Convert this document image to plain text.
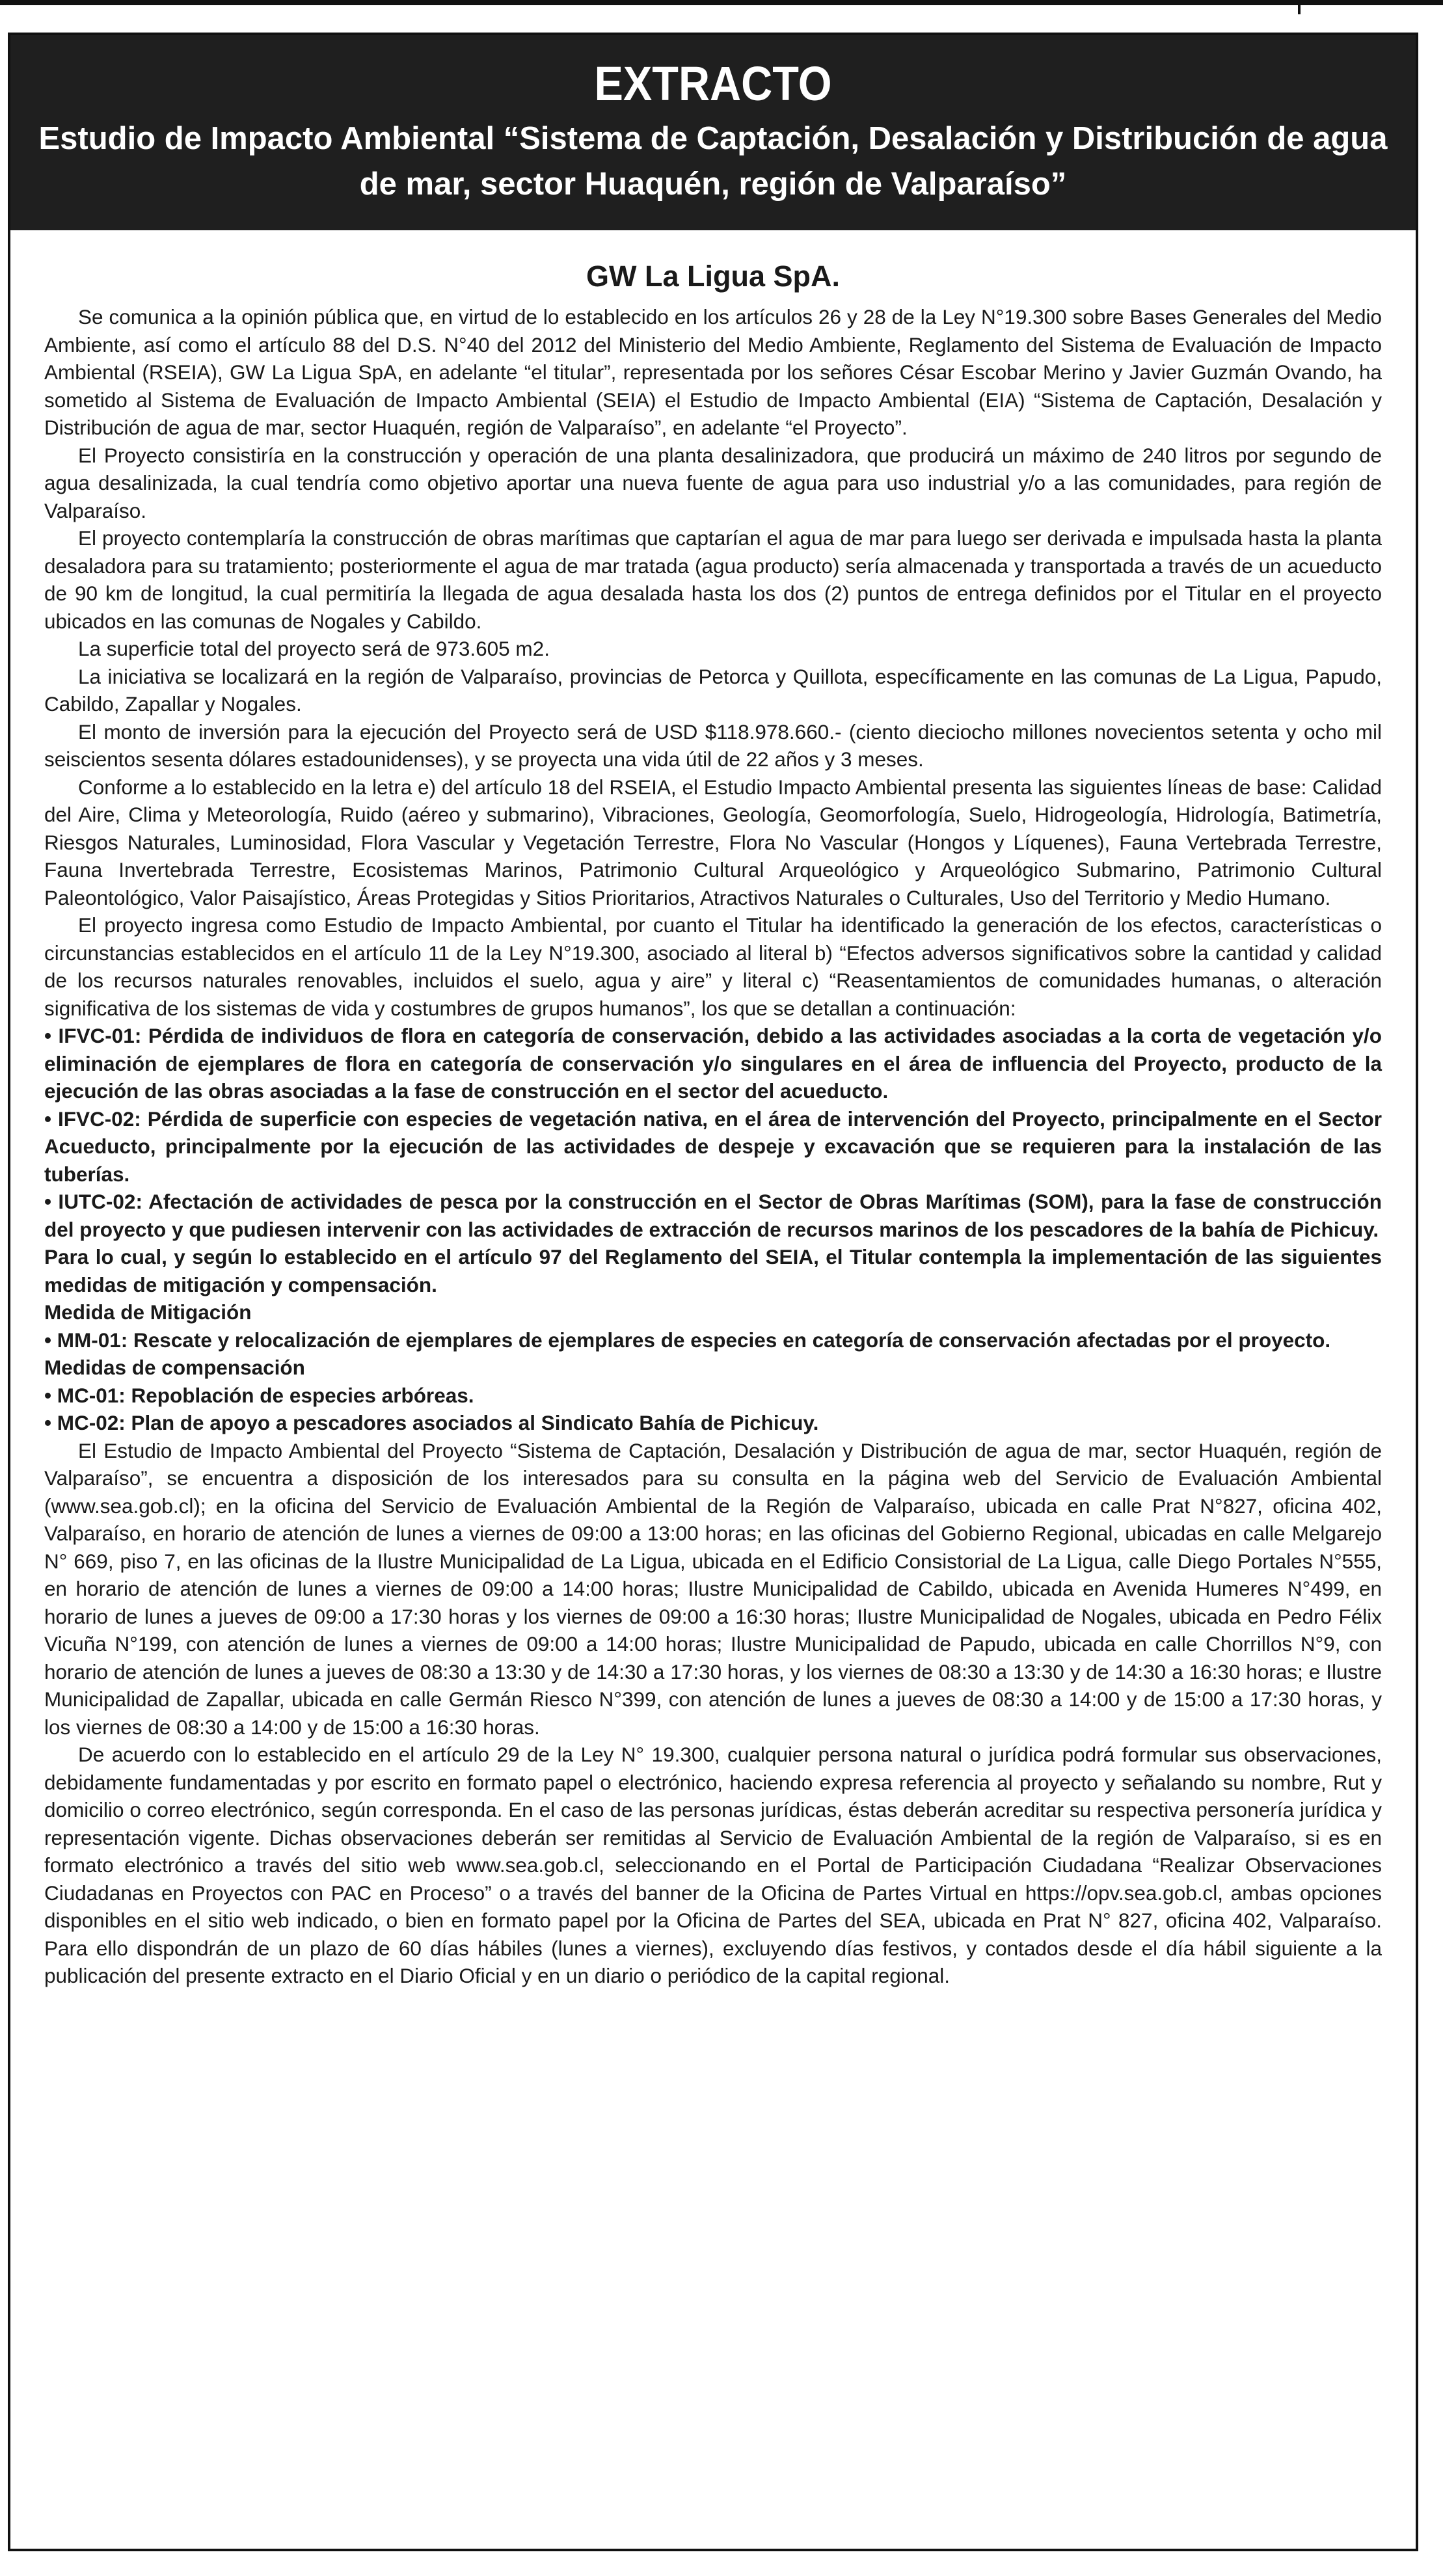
EXTRACTO
Estudio de Impacto Ambiental “Sistema de Captación, Desalación y Distribución de agua de mar, sector Huaquén, región de Valparaíso”
GW La Ligua SpA.

Se comunica a la opinión pública que, en virtud de lo establecido en los artículos 26 y 28 de la Ley N°19.300 sobre Bases Generales del Medio Ambiente, así como el artículo 88 del D.S. N°40 del 2012 del Ministerio del Medio Ambiente, Reglamento del Sistema de Evaluación de Impacto Ambiental (RSEIA), GW La Ligua SpA, en adelante “el titular”, representada por los señores César Escobar Merino y Javier Guzmán Ovando, ha sometido al Sistema de Evaluación de Impacto Ambiental (SEIA) el Estudio de Impacto Ambiental (EIA) “Sistema de Captación, Desalación y Distribución de agua de mar, sector Huaquén, región de Valparaíso”, en adelante “el Proyecto”.

El Proyecto consistiría en la construcción y operación de una planta desalinizadora, que producirá un máximo de 240 litros por segundo de agua desalinizada, la cual tendría como objetivo aportar una nueva fuente de agua para uso industrial y/o a las comunidades, para región de Valparaíso.

El proyecto contemplaría la construcción de obras marítimas que captarían el agua de mar para luego ser derivada e impulsada hasta la planta desaladora para su tratamiento; posteriormente el agua de mar tratada (agua producto) sería almacenada y transportada a través de un acueducto de 90 km de longitud, la cual permitiría la llegada de agua desalada hasta los dos (2) puntos de entrega definidos por el Titular en el proyecto ubicados en las comunas de Nogales y Cabildo.

La superficie total del proyecto será de 973.605 m2.

La iniciativa se localizará en la región de Valparaíso, provincias de Petorca y Quillota, específicamente en las comunas de La Ligua, Papudo, Cabildo, Zapallar y Nogales.

El monto de inversión para la ejecución del Proyecto será de USD $118.978.660.- (ciento dieciocho millones novecientos setenta y ocho mil seiscientos sesenta dólares estadounidenses), y se proyecta una vida útil de 22 años y 3 meses.

Conforme a lo establecido en la letra e) del artículo 18 del RSEIA, el Estudio Impacto Ambiental presenta las siguientes líneas de base: Calidad del Aire, Clima y Meteorología, Ruido (aéreo y submarino), Vibraciones, Geología, Geomorfología, Suelo, Hidrogeología, Hidrología, Batimetría, Riesgos Naturales, Luminosidad, Flora Vascular y Vegetación Terrestre, Flora No Vascular (Hongos y Líquenes), Fauna Vertebrada Terrestre, Fauna Invertebrada Terrestre, Ecosistemas Marinos, Patrimonio Cultural Arqueológico y Arqueológico Submarino, Patrimonio Cultural Paleontológico, Valor Paisajístico, Áreas Protegidas y Sitios Prioritarios, Atractivos Naturales o Culturales, Uso del Territorio y Medio Humano.

El proyecto ingresa como Estudio de Impacto Ambiental, por cuanto el Titular ha identificado la generación de los efectos, características o circunstancias establecidos en el artículo 11 de la Ley N°19.300, asociado al literal b) “Efectos adversos significativos sobre la cantidad y calidad de los recursos naturales renovables, incluidos el suelo, agua y aire” y literal c) “Reasentamientos de comunidades humanas, o alteración significativa de los sistemas de vida y costumbres de grupos humanos”, los que se detallan a continuación:

• IFVC-01: Pérdida de individuos de flora en categoría de conservación, debido a las actividades asociadas a la corta de vegetación y/o eliminación de ejemplares de flora en categoría de conservación y/o singulares en el área de influencia del Proyecto, producto de la ejecución de las obras asociadas a la fase de construcción en el sector del acueducto.

• IFVC-02: Pérdida de superficie con especies de vegetación nativa, en el área de intervención del Proyecto, principalmente en el Sector Acueducto, principalmente por la ejecución de las actividades de despeje y excavación que se requieren para la instalación de las tuberías.

• IUTC-02: Afectación de actividades de pesca por la construcción en el Sector de Obras Marítimas (SOM), para la fase de construcción del proyecto y que pudiesen intervenir con las actividades de extracción de recursos marinos de los pescadores de la bahía de Pichicuy.

Para lo cual, y según lo establecido en el artículo 97 del Reglamento del SEIA, el Titular contempla la implementación de las siguientes medidas de mitigación y compensación.

Medida de Mitigación

• MM-01: Rescate y relocalización de ejemplares de ejemplares de especies en categoría de conservación afectadas por el proyecto.

Medidas de compensación

• MC-01: Repoblación de especies arbóreas.

• MC-02: Plan de apoyo a pescadores asociados al Sindicato Bahía de Pichicuy.

El Estudio de Impacto Ambiental del Proyecto “Sistema de Captación, Desalación y Distribución de agua de mar, sector Huaquén, región de Valparaíso”, se encuentra a disposición de los interesados para su consulta en la página web del Servicio de Evaluación Ambiental (www.sea.gob.cl); en la oficina del Servicio de Evaluación Ambiental de la Región de Valparaíso, ubicada en calle Prat N°827, oficina 402, Valparaíso, en horario de atención de lunes a viernes de 09:00 a 13:00 horas; en las oficinas del Gobierno Regional, ubicadas en calle Melgarejo N° 669, piso 7, en las oficinas de la Ilustre Municipalidad de La Ligua, ubicada en el Edificio Consistorial de La Ligua, calle Diego Portales N°555, en horario de atención de lunes a viernes de 09:00 a 14:00 horas; Ilustre Municipalidad de Cabildo, ubicada en Avenida Humeres N°499, en horario de lunes a jueves de 09:00 a 17:30 horas y los viernes de 09:00 a 16:30 horas; Ilustre Municipalidad de Nogales, ubicada en Pedro Félix Vicuña N°199, con atención de lunes a viernes de 09:00 a 14:00 horas; Ilustre Municipalidad de Papudo, ubicada en calle Chorrillos N°9, con horario de atención de lunes a jueves de 08:30 a 13:30 y de 14:30 a 17:30 horas, y los viernes de 08:30 a 13:30 y de 14:30 a 16:30 horas; e Ilustre Municipalidad de Zapallar, ubicada en calle Germán Riesco N°399, con atención de lunes a jueves de 08:30 a 14:00 y de 15:00 a 17:30 horas, y los viernes de 08:30 a 14:00 y de 15:00 a 16:30 horas.

De acuerdo con lo establecido en el artículo 29 de la Ley N° 19.300, cualquier persona natural o jurídica podrá formular sus observaciones, debidamente fundamentadas y por escrito en formato papel o electrónico, haciendo expresa referencia al proyecto y señalando su nombre, Rut y domicilio o correo electrónico, según corresponda. En el caso de las personas jurídicas, éstas deberán acreditar su respectiva personería jurídica y representación vigente. Dichas observaciones deberán ser remitidas al Servicio de Evaluación Ambiental de la región de Valparaíso, si es en formato electrónico a través del sitio web www.sea.gob.cl, seleccionando en el Portal de Participación Ciudadana “Realizar Observaciones Ciudadanas en Proyectos con PAC en Proceso” o a través del banner de la Oficina de Partes Virtual en https://opv.sea.gob.cl, ambas opciones disponibles en el sitio web indicado, o bien en formato papel por la Oficina de Partes del SEA, ubicada en Prat N° 827, oficina 402, Valparaíso. Para ello dispondrán de un plazo de 60 días hábiles (lunes a viernes), excluyendo días festivos, y contados desde el día hábil siguiente a la publicación del presente extracto en el Diario Oficial y en un diario o periódico de la capital regional.
